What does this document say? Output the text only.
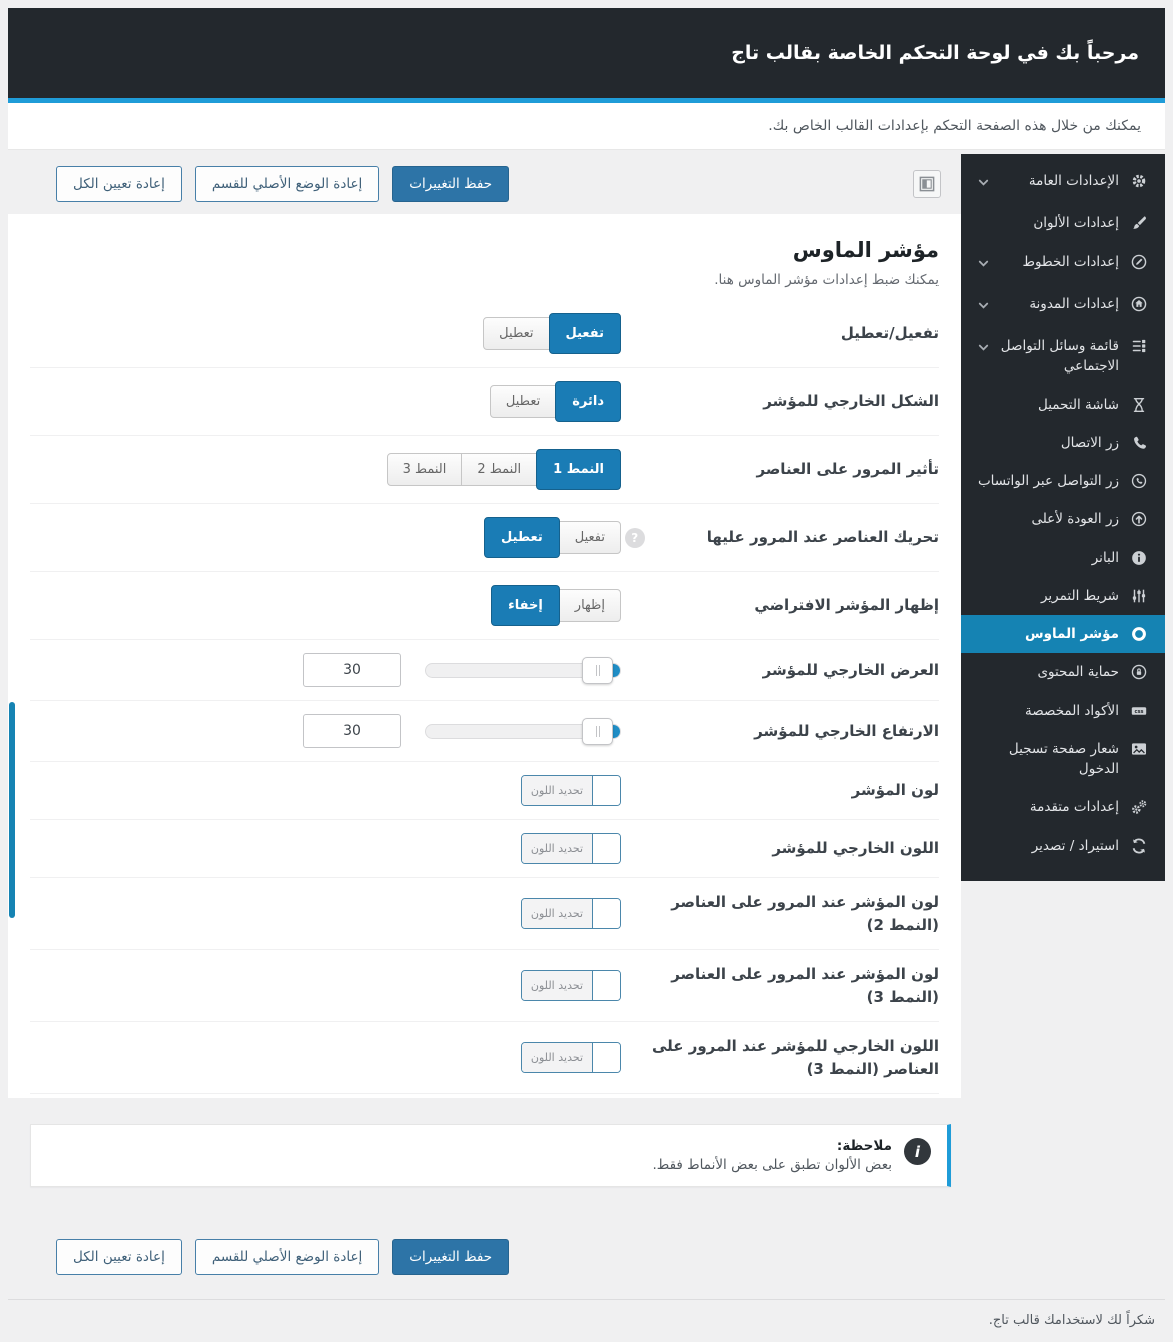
مرحباً بك في لوحة التحكم الخاصة بقالب تاج
يمكنك من خلال هذه الصفحة التحكم بإعدادات القالب الخاص بك.
الإعدادات العامة
إعدادات الألوان
إعدادات الخطوط
إعدادات المدونة
قائمة وسائل التواصل الاجتماعي
شاشة التحميل
زر الاتصال
زر التواصل عبر الواتساب
زر العودة لأعلى
البانر
شريط التمرير
مؤشر الماوس
حماية المحتوى
css
الأكواد المخصصة
شعار صفحة تسجيل الدخول
إعدادات متقدمة
استيراد / تصدير
حفظ التغييرات
إعادة الوضع الأصلي للقسم
إعادة تعيين الكل
مؤشر الماوس
يمكنك ضبط إعدادات مؤشر الماوس هنا.
تفعيل/تعطيل
تفعيل
تعطيل
الشكل الخارجي للمؤشر
دائرة
تعطيل
تأثير المرور على العناصر
النمط 1
النمط 2
النمط 3
تحريك العناصر عند المرور عليها
?
تفعيل
تعطيل
إظهار المؤشر الافتراضي
إظهار
إخفاء
العرض الخارجي للمؤشر
30
الارتفاع الخارجي للمؤشر
30
لون المؤشر
تحديد اللون
اللون الخارجي للمؤشر
تحديد اللون
لون المؤشر عند المرور على العناصر (النمط 2)
تحديد اللون
لون المؤشر عند المرور على العناصر (النمط 3)
تحديد اللون
اللون الخارجي للمؤشر عند المرور على العناصر (النمط 3)
تحديد اللون
i
ملاحظة:
بعض الألوان تطبق على بعض الأنماط فقط.
حفظ التغييرات
إعادة الوضع الأصلي للقسم
إعادة تعيين الكل
شكراً لك لاستخدامك قالب تاج.
